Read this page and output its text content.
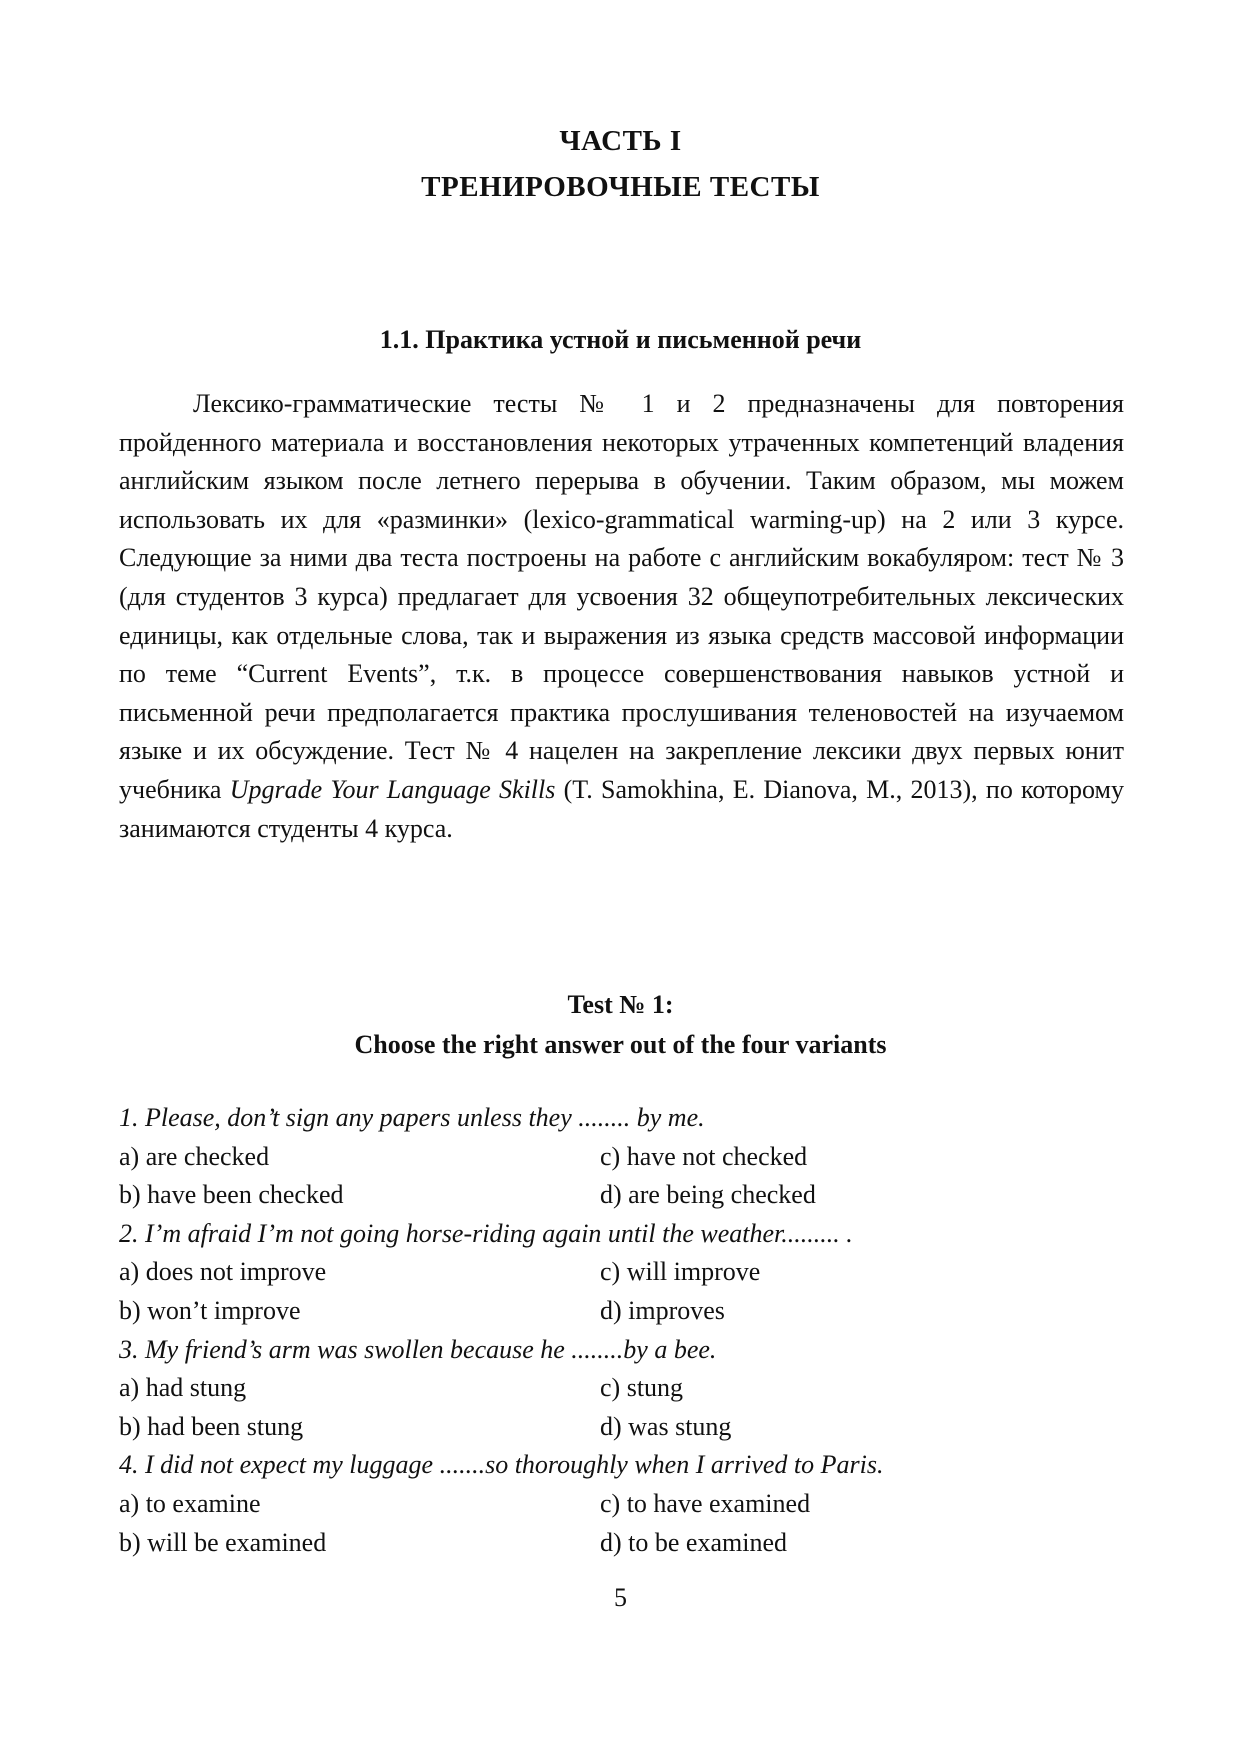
ЧАСТЬ I
ТРЕНИРОВОЧНЫЕ ТЕСТЫ
1.1. Практика устной и письменной речи

Лексико-грамматические тесты № 1 и 2 предназначены для повторения пройденного материала и восстановления некоторых утраченных компетенций владения английским языком после летнего перерыва в обучении. Таким образом, мы можем использовать их для «разминки» (lexico-grammatical warming-up) на 2 или 3 курсе. Следующие за ними два теста построены на работе с английским вокабуляром: тест № 3 (для студентов 3 курса) предлагает для усвоения 32 общеупотребительных лексических единицы, как отдельные слова, так и выражения из языка средств массовой информации по теме “Current Events”, т.к. в процессе совершенствования навыков устной и письменной речи предполагается практика прослушивания теленовостей на изучаемом языке и их обсуждение. Тест № 4 нацелен на закрепление лексики двух первых юнит учебника Upgrade Your Language Skills (T. Samokhina, E. Dianova, M., 2013), по которому занимаются студенты 4 курса.

Test № 1:
Choose the right answer out of the four variants
1. Please, don’t sign any papers unless they ........ by me.
a) are checked	c) have not checked
b) have been checked	d) are being checked
2. I’m afraid I’m not going horse-riding again until the weather......... .
a) does not improve	c) will improve
b) won’t improve	d) improves
3. My friend’s arm was swollen because he ........by a bee.
a) had stung	c) stung
b) had been stung	d) was stung
4. I did not expect my luggage .......so thoroughly when I arrived to Paris.
a) to examine	c) to have examined
b) will be examined	d) to be examined
5
